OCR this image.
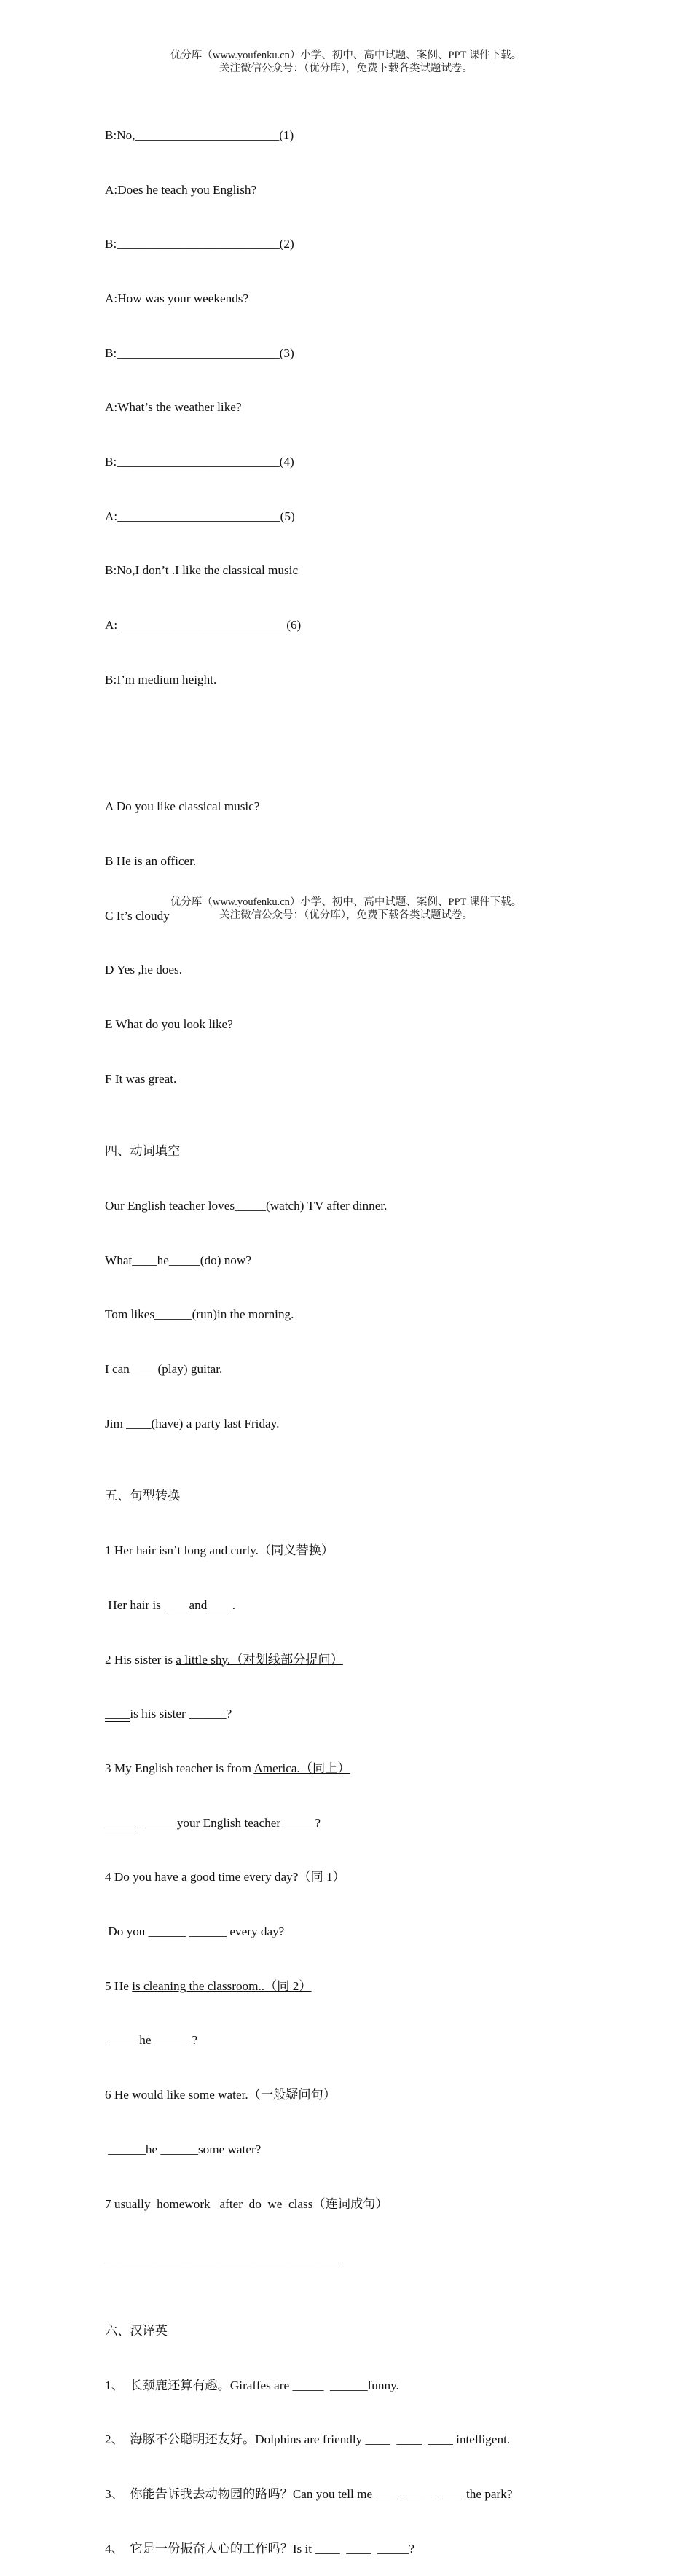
优分库（www.youfenku.cn）小学、初中、高中试题、案例、PPT 课件下载。
关注微信公众号：（优分库），免费下载各类试题试卷。

B:No,_______________________(1)

A:Does he teach you English?

B:__________________________(2)

A:How was your weekends?

B:__________________________(3)

A:What’s the weather like?

B:__________________________(4)

A:__________________________(5)

B:No,I don’t .I like the classical music

A:___________________________(6)

B:I’m medium height.

A Do you like classical music?

B He is an officer.

C It’s cloudy

D Yes ,he does.

E What do you look like?

F It was great.

四、动词填空

Our English teacher loves_____(watch) TV after dinner.

What____he_____(do) now?

Tom likes______(run)in the morning.

I can ____(play) guitar.

Jim ____(have) a party last Friday.

五、句型转换

1 Her hair isn’t long and curly.（同义替换）

Her hair is ____and____.

2 His sister is a little shy.（对划线部分提问）

____is his sister ______?

3 My English teacher is from America.（同上）

_____   _____your English teacher _____?

4 Do you have a good time every day?（同 1）

Do you ______ ______ every day?

5 He is cleaning the classroom..（同 2）

_____he ______?

6 He would like some water.（一般疑问句）

______he ______some water?

7 usually  homework   after  do  we  class（连词成句）

______________________________________

六、汉译英

1、  长颈鹿还算有趣。Giraffes are _____  ______funny.

2、  海豚不公聪明还友好。Dolphins are friendly ____  ____  ____ intelligent.

3、  你能告诉我去动物园的路吗？Can you tell me ____  ____  ____ the park?

4、  它是一份振奋人心的工作吗？Is it ____  ____  _____?

优分库（www.youfenku.cn）小学、初中、高中试题、案例、PPT 课件下载。
关注微信公众号：（优分库），免费下载各类试题试卷。
